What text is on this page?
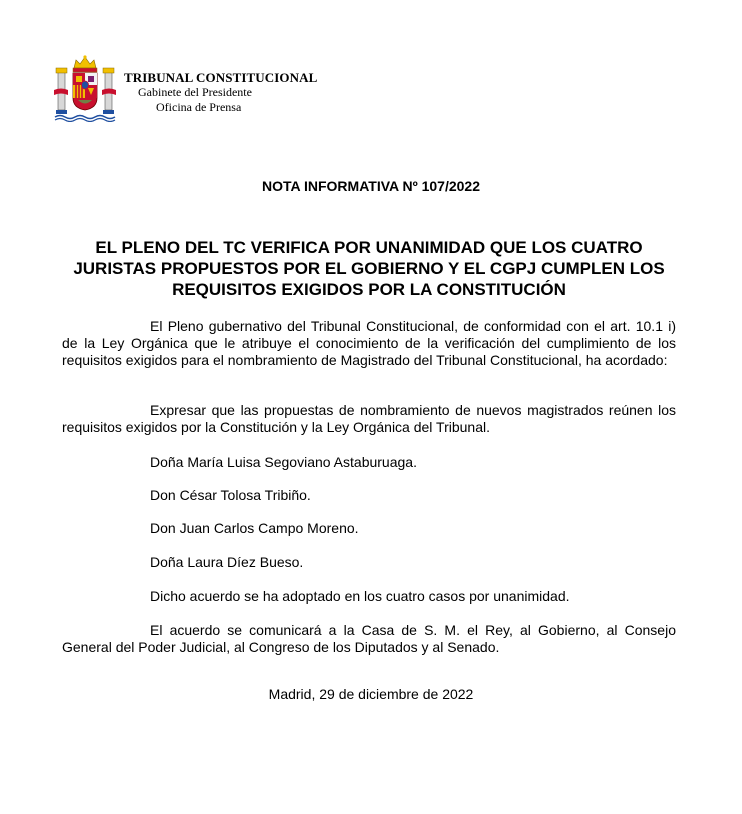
TRIBUNAL CONSTITUCIONAL
Gabinete del Presidente
Oficina de Prensa
NOTA INFORMATIVA Nº 107/2022
EL PLENO DEL TC VERIFICA POR UNANIMIDAD QUE LOS CUATRO JURISTAS PROPUESTOS POR EL GOBIERNO Y EL CGPJ CUMPLEN LOS REQUISITOS EXIGIDOS POR LA CONSTITUCIÓN
El Pleno gubernativo del Tribunal Constitucional, de conformidad con el art. 10.1 i) de la Ley Orgánica que le atribuye el conocimiento de la verificación del cumplimiento de los requisitos exigidos para el nombramiento de Magistrado del Tribunal Constitucional, ha acordado:
Expresar que las propuestas de nombramiento de nuevos magistrados reúnen los requisitos exigidos por la Constitución y la Ley Orgánica del Tribunal.
Doña María Luisa Segoviano Astaburuaga.
Don César Tolosa Tribiño.
Don Juan Carlos Campo Moreno.
Doña Laura Díez Bueso.
Dicho acuerdo se ha adoptado en los cuatro casos por unanimidad.
El acuerdo se comunicará a la Casa de S. M. el Rey, al Gobierno, al Consejo General del Poder Judicial, al Congreso de los Diputados y al Senado.
Madrid, 29 de diciembre de 2022
